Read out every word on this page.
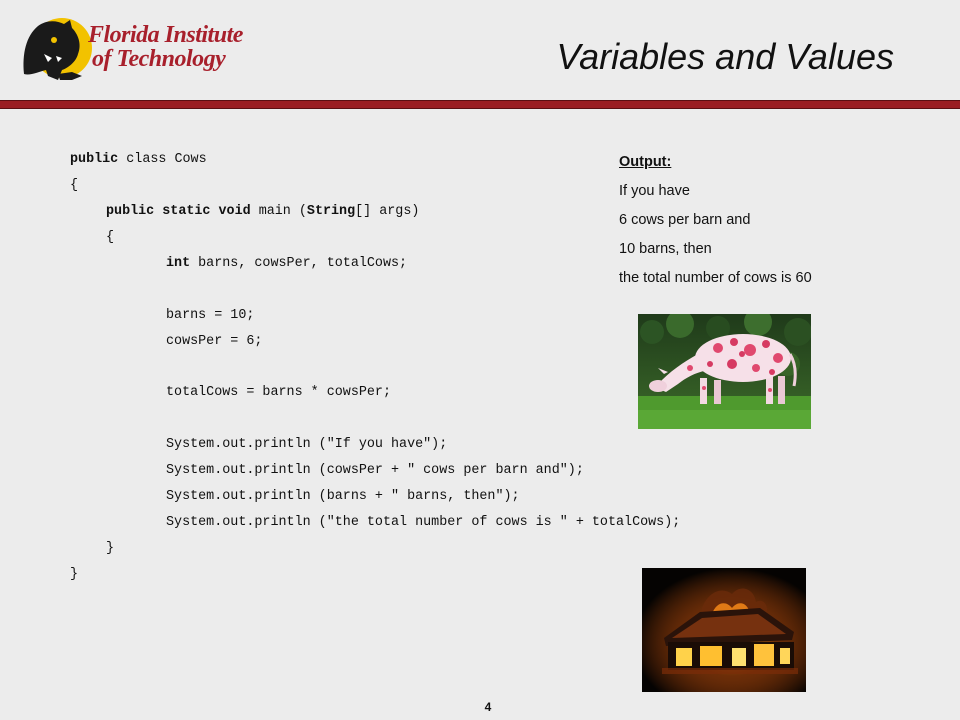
Florida Institute
of Technology	Variables and Values
public class Cows
{
public static void main (String[] args)
{
int barns, cowsPer, totalCows;
barns = 10;
cowsPer = 6;
totalCows = barns * cowsPer;
System.out.println ("If you have");
System.out.println (cowsPer + " cows per barn and");
System.out.println (barns + " barns, then");
System.out.println ("the total number of cows is " + totalCows);
}
}
Output:
If you have
6 cows per barn and
10 barns, then
the total number of cows is 60
4
